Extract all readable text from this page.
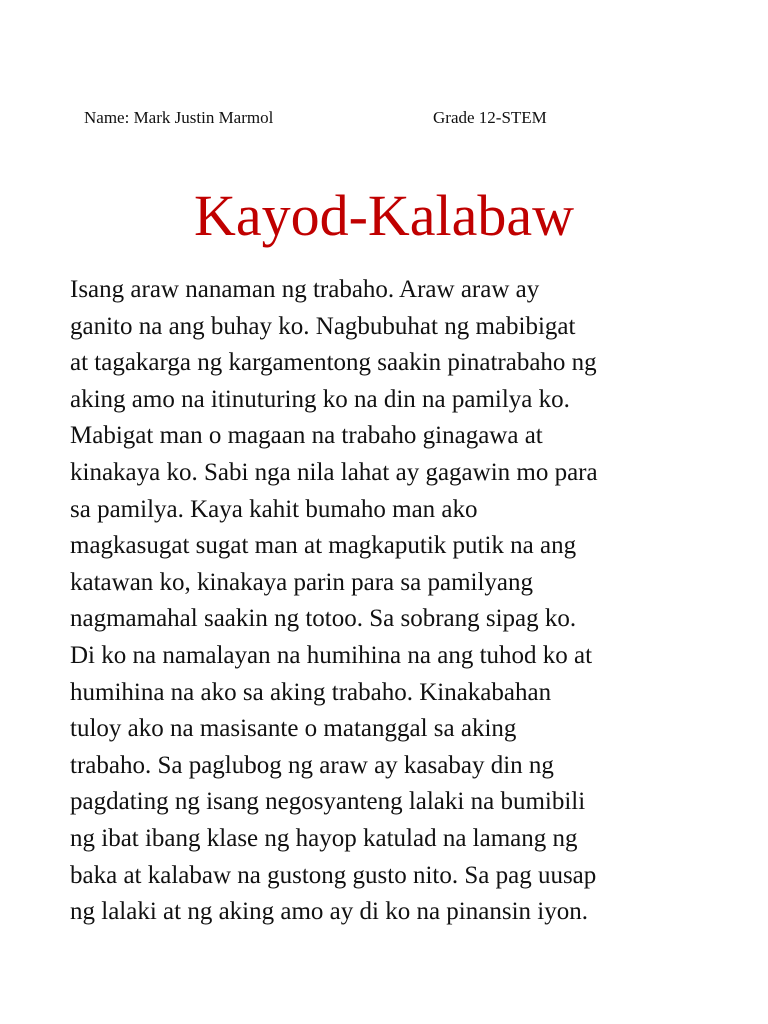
Name: Mark Justin Marmol	Grade 12-STEM
Kayod-Kalabaw
Isang araw nanaman ng trabaho. Araw araw ay
ganito na ang buhay ko. Nagbubuhat ng mabibigat
at tagakarga ng kargamentong saakin pinatrabaho ng
aking amo na itinuturing ko na din na pamilya ko.
Mabigat man o magaan na trabaho ginagawa at
kinakaya ko. Sabi nga nila lahat ay gagawin mo para
sa pamilya. Kaya kahit bumaho man ako
magkasugat sugat man at magkaputik putik na ang
katawan ko, kinakaya parin para sa pamilyang
nagmamahal saakin ng totoo. Sa sobrang sipag ko.
Di ko na namalayan na humihina na ang tuhod ko at
humihina na ako sa aking trabaho. Kinakabahan
tuloy ako na masisante o matanggal sa aking
trabaho. Sa paglubog ng araw ay kasabay din ng
pagdating ng isang negosyanteng lalaki na bumibili
ng ibat ibang klase ng hayop katulad na lamang ng
baka at kalabaw na gustong gusto nito. Sa pag uusap
ng lalaki at ng aking amo ay di ko na pinansin iyon.
